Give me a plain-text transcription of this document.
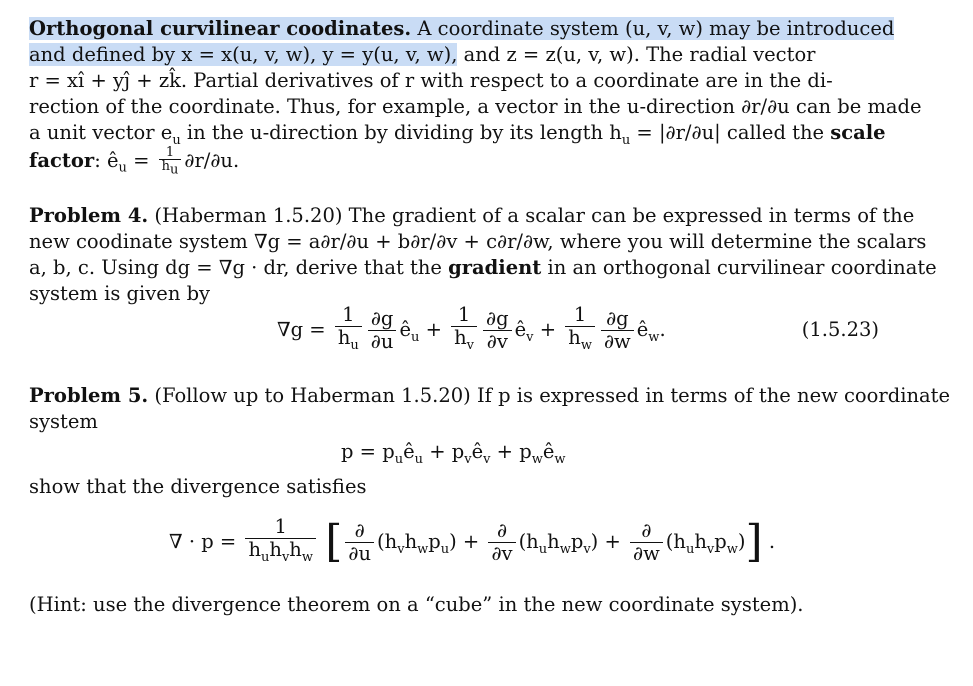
Orthogonal curvilinear coodinates. A coordinate system (u, v, w) may be introduced
and defined by x = x(u, v, w), y = y(u, v, w), and z = z(u, v, w). The radial vector
r = xî + yĵ + zk̂. Partial derivatives of r with respect to a coordinate are in the di-
rection of the coordinate. Thus, for example, a vector in the u-direction ∂r/∂u can be made
a unit vector $e_u$ in the u-direction by dividing by its length $h_u = |\partial r/\partial u|$ called the scale
factor: $ê_u = \frac{1}{h_u} \partial r/\partial u$.
Problem 4. (Haberman 1.5.20) The gradient of a scalar can be expressed in terms of the
new coodinate system ∇g = a∂r/∂u + b∂r/∂v + c∂r/∂w, where you will determine the scalars
a, b, c. Using dg = ∇g · dr, derive that the gradient in an orthogonal curvilinear coordinate
system is given by
$\nabla g = \frac{1}{h_u} \frac{\partial g}{\partial u}$ $ê_u + \frac{1}{h_v} \frac{\partial g}{\partial v}$ $ê_v + \frac{1}{h_w} \frac{\partial g}{\partial w}$ $ê_w$.	(1.5.23)
Problem 5. (Follow up to Haberman 1.5.20) If p is expressed in terms of the new coordinate
system
$p = p_uê_u$ + $p_vê_v$ + $p_wê_w$
show that the divergence satisfies
∇ · $p = \frac{1}{h_uh_vh_w}$ [ $\frac{\partial}{\partial u} (h_vh_wp_u) + \frac{\partial}{\partial v} (h_uh_wp_v) + \frac{\partial}{\partial w} (h_uh_vp_w)$] .
(Hint: use the divergence theorem on a “cube” in the new coordinate system).
